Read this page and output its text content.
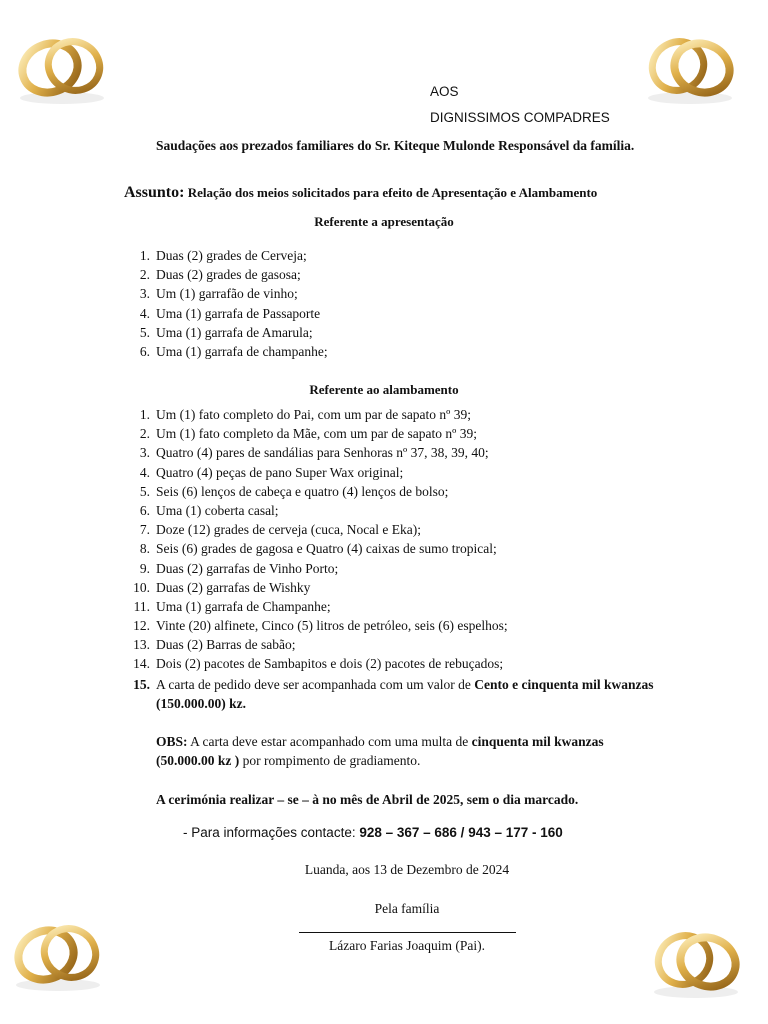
AOS
DIGNISSIMOS COMPADRES
Saudações aos prezados familiares do Sr. Kiteque Mulonde Responsável da família.
Assunto: Relação dos meios solicitados para efeito de Apresentação e Alambamento
Referente a apresentação
1. Duas (2) grades de Cerveja;
2. Duas (2) grades de gasosa;
3. Um (1) garrafão de vinho;
4. Uma (1) garrafa de Passaporte
5. Uma (1) garrafa de Amarula;
6. Uma (1) garrafa de champanhe;
Referente ao alambamento
1. Um (1) fato completo do Pai, com um par de sapato nº 39;
2. Um (1) fato completo da Mãe, com um par de sapato nº 39;
3. Quatro (4) pares de sandálias para Senhoras nº 37, 38, 39, 40;
4. Quatro (4) peças de pano Super Wax original;
5. Seis (6) lenços de cabeça e quatro (4) lenços de bolso;
6. Uma (1) coberta casal;
7. Doze (12) grades de cerveja (cuca, Nocal e Eka);
8. Seis (6) grades de gagosa e Quatro (4) caixas de sumo tropical;
9. Duas (2) garrafas de Vinho Porto;
10. Duas (2) garrafas de Wishky
11. Uma (1) garrafa de Champanhe;
12. Vinte (20) alfinete, Cinco (5) litros de petróleo, seis (6) espelhos;
13. Duas (2) Barras de sabão;
14. Dois (2) pacotes de Sambapitos e dois (2) pacotes de rebuçados;
15. A carta de pedido deve ser acompanhada com um valor de Cento e cinquenta mil kwanzas (150.000.00) kz.
OBS: A carta deve estar acompanhado com uma multa de cinquenta mil kwanzas (50.000.00 kz ) por rompimento de gradiamento.
A cerimónia realizar – se – à no mês de Abril de 2025, sem o dia marcado.
- Para informações contacte: 928 – 367 – 686 / 943 – 177 - 160
Luanda, aos 13 de Dezembro de 2024
Pela família
Lázaro Farias Joaquim (Pai).
